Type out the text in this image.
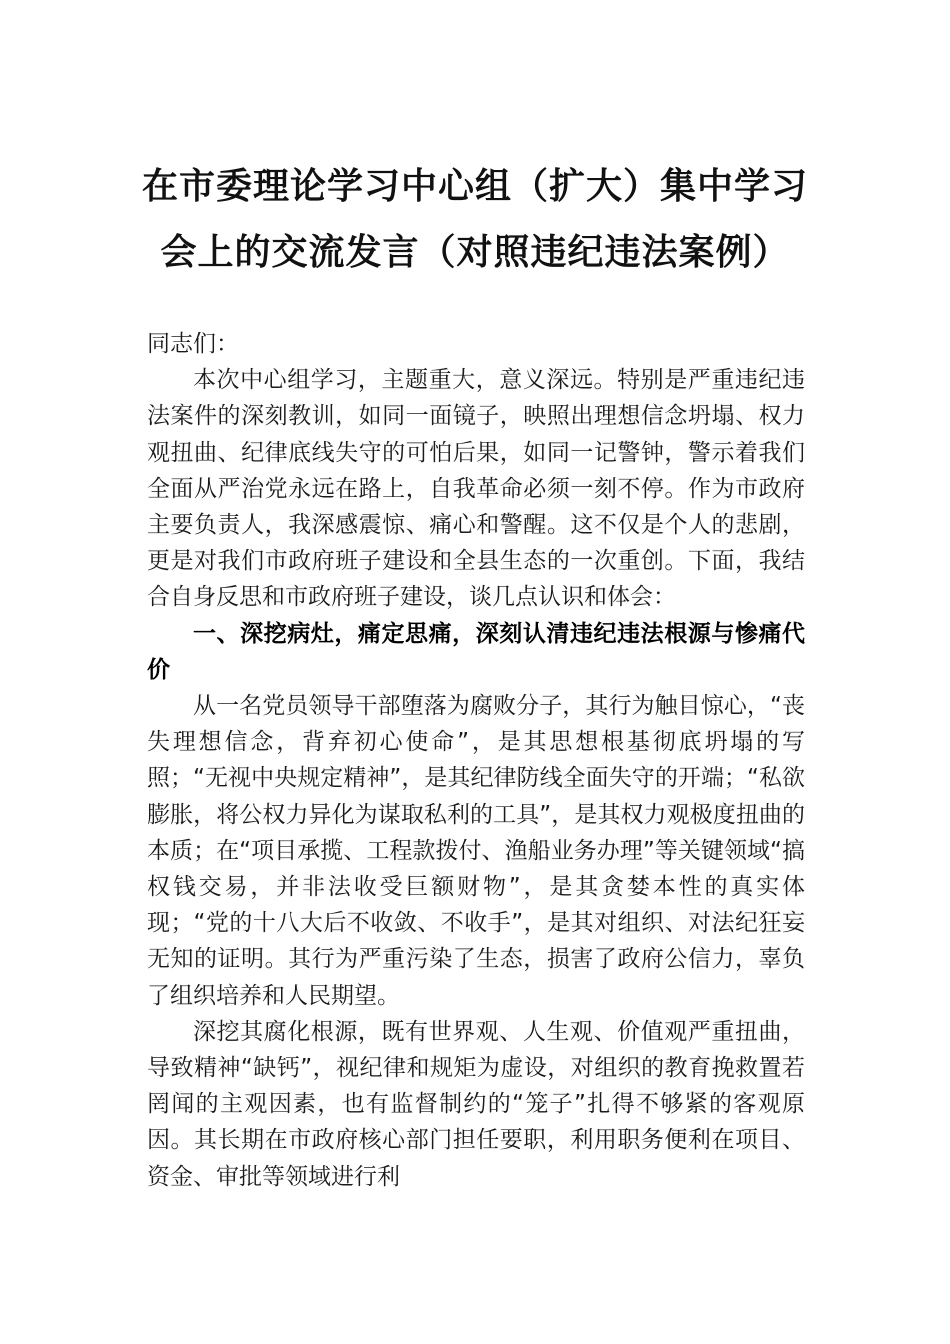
在市委理论学习中心组（扩大）集中学习
会上的交流发言（对照违纪违法案例）

同志们：

本次中心组学习，主题重大，意义深远。特别是严重违纪违法案件的深刻教训，如同一面镜子，映照出理想信念坍塌、权力观扭曲、纪律底线失守的可怕后果，如同一记警钟，警示着我们全面从严治党永远在路上，自我革命必须一刻不停。作为市政府主要负责人，我深感震惊、痛心和警醒。这不仅是个人的悲剧，更是对我们市政府班子建设和全县生态的一次重创。下面，我结合自身反思和市政府班子建设，谈几点认识和体会：

一、深挖病灶，痛定思痛，深刻认清违纪违法根源与惨痛代价

从一名党员领导干部堕落为腐败分子，其行为触目惊心，“丧失理想信念，背弃初心使命”，是其思想根基彻底坍塌的写照；“无视中央规定精神”，是其纪律防线全面失守的开端；“私欲膨胀，将公权力异化为谋取私利的工具”，是其权力观极度扭曲的本质；在“项目承揽、工程款拨付、渔船业务办理”等关键领域“搞权钱交易，并非法收受巨额财物”，是其贪婪本性的真实体现；“党的十八大后不收敛、不收手”，是其对组织、对法纪狂妄无知的证明。其行为严重污染了生态，损害了政府公信力，辜负了组织培养和人民期望。

深挖其腐化根源，既有世界观、人生观、价值观严重扭曲，导致精神“缺钙”，视纪律和规矩为虚设，对组织的教育挽救置若罔闻的主观因素，也有监督制约的“笼子”扎得不够紧的客观原因。其长期在市政府核心部门担任要职，利用职务便利在项目、资金、审批等领域进行利
